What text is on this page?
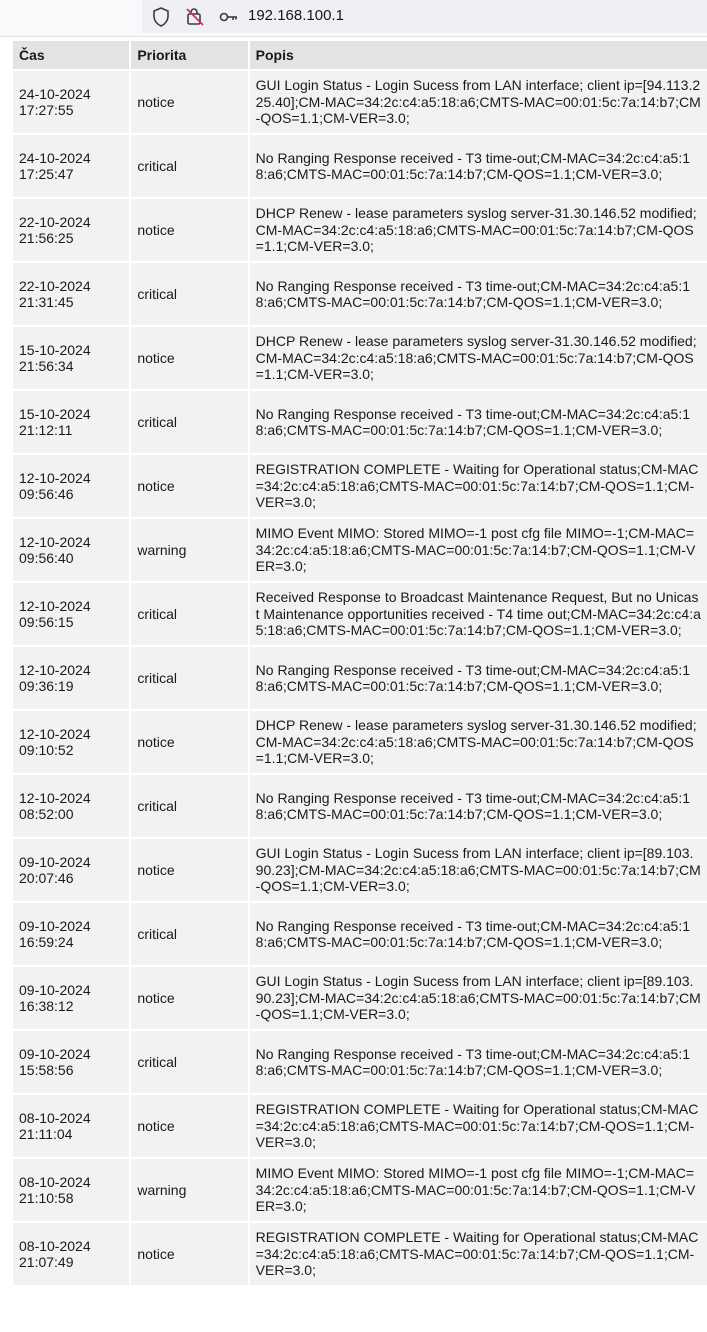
192.168.100.1
Čas	Priorita	Popis

24-10-2024
17:27:55	notice	GUI Login Status - Login Sucess from LAN interface; client ip=[94.113.225.40];CM-MAC=34:2c:c4:a5:18:a6;CMTS-MAC=00:01:5c:7a:14:b7;CM-QOS=1.1;CM-VER=3.0;

24-10-2024
17:25:47	critical	No Ranging Response received - T3 time-out;CM-MAC=34:2c:c4:a5:18:a6;CMTS-MAC=00:01:5c:7a:14:b7;CM-QOS=1.1;CM-VER=3.0;

22-10-2024
21:56:25	notice	DHCP Renew - lease parameters syslog server-31.30.146.52 modified;CM-MAC=34:2c:c4:a5:18:a6;CMTS-MAC=00:01:5c:7a:14:b7;CM-QOS=1.1;CM-VER=3.0;

22-10-2024
21:31:45	critical	No Ranging Response received - T3 time-out;CM-MAC=34:2c:c4:a5:18:a6;CMTS-MAC=00:01:5c:7a:14:b7;CM-QOS=1.1;CM-VER=3.0;

15-10-2024
21:56:34	notice	DHCP Renew - lease parameters syslog server-31.30.146.52 modified;CM-MAC=34:2c:c4:a5:18:a6;CMTS-MAC=00:01:5c:7a:14:b7;CM-QOS=1.1;CM-VER=3.0;

15-10-2024
21:12:11	critical	No Ranging Response received - T3 time-out;CM-MAC=34:2c:c4:a5:18:a6;CMTS-MAC=00:01:5c:7a:14:b7;CM-QOS=1.1;CM-VER=3.0;

12-10-2024
09:56:46	notice	REGISTRATION COMPLETE - Waiting for Operational status;CM-MAC=34:2c:c4:a5:18:a6;CMTS-MAC=00:01:5c:7a:14:b7;CM-QOS=1.1;CM-VER=3.0;

12-10-2024
09:56:40	warning	MIMO Event MIMO: Stored MIMO=-1 post cfg file MIMO=-1;CM-MAC=34:2c:c4:a5:18:a6;CMTS-MAC=00:01:5c:7a:14:b7;CM-QOS=1.1;CM-VER=3.0;

12-10-2024
09:56:15	critical	Received Response to Broadcast Maintenance Request, But no Unicast Maintenance opportunities received - T4 time out;CM-MAC=34:2c:c4:a5:18:a6;CMTS-MAC=00:01:5c:7a:14:b7;CM-QOS=1.1;CM-VER=3.0;

12-10-2024
09:36:19	critical	No Ranging Response received - T3 time-out;CM-MAC=34:2c:c4:a5:18:a6;CMTS-MAC=00:01:5c:7a:14:b7;CM-QOS=1.1;CM-VER=3.0;

12-10-2024
09:10:52	notice	DHCP Renew - lease parameters syslog server-31.30.146.52 modified;CM-MAC=34:2c:c4:a5:18:a6;CMTS-MAC=00:01:5c:7a:14:b7;CM-QOS=1.1;CM-VER=3.0;

12-10-2024
08:52:00	critical	No Ranging Response received - T3 time-out;CM-MAC=34:2c:c4:a5:18:a6;CMTS-MAC=00:01:5c:7a:14:b7;CM-QOS=1.1;CM-VER=3.0;

09-10-2024
20:07:46	notice	GUI Login Status - Login Sucess from LAN interface; client ip=[89.103.90.23];CM-MAC=34:2c:c4:a5:18:a6;CMTS-MAC=00:01:5c:7a:14:b7;CM-QOS=1.1;CM-VER=3.0;

09-10-2024
16:59:24	critical	No Ranging Response received - T3 time-out;CM-MAC=34:2c:c4:a5:18:a6;CMTS-MAC=00:01:5c:7a:14:b7;CM-QOS=1.1;CM-VER=3.0;

09-10-2024
16:38:12	notice	GUI Login Status - Login Sucess from LAN interface; client ip=[89.103.90.23];CM-MAC=34:2c:c4:a5:18:a6;CMTS-MAC=00:01:5c:7a:14:b7;CM-QOS=1.1;CM-VER=3.0;

09-10-2024
15:58:56	critical	No Ranging Response received - T3 time-out;CM-MAC=34:2c:c4:a5:18:a6;CMTS-MAC=00:01:5c:7a:14:b7;CM-QOS=1.1;CM-VER=3.0;

08-10-2024
21:11:04	notice	REGISTRATION COMPLETE - Waiting for Operational status;CM-MAC=34:2c:c4:a5:18:a6;CMTS-MAC=00:01:5c:7a:14:b7;CM-QOS=1.1;CM-VER=3.0;

08-10-2024
21:10:58	warning	MIMO Event MIMO: Stored MIMO=-1 post cfg file MIMO=-1;CM-MAC=34:2c:c4:a5:18:a6;CMTS-MAC=00:01:5c:7a:14:b7;CM-QOS=1.1;CM-VER=3.0;

08-10-2024
21:07:49	notice	REGISTRATION COMPLETE - Waiting for Operational status;CM-MAC=34:2c:c4:a5:18:a6;CMTS-MAC=00:01:5c:7a:14:b7;CM-QOS=1.1;CM-VER=3.0;
